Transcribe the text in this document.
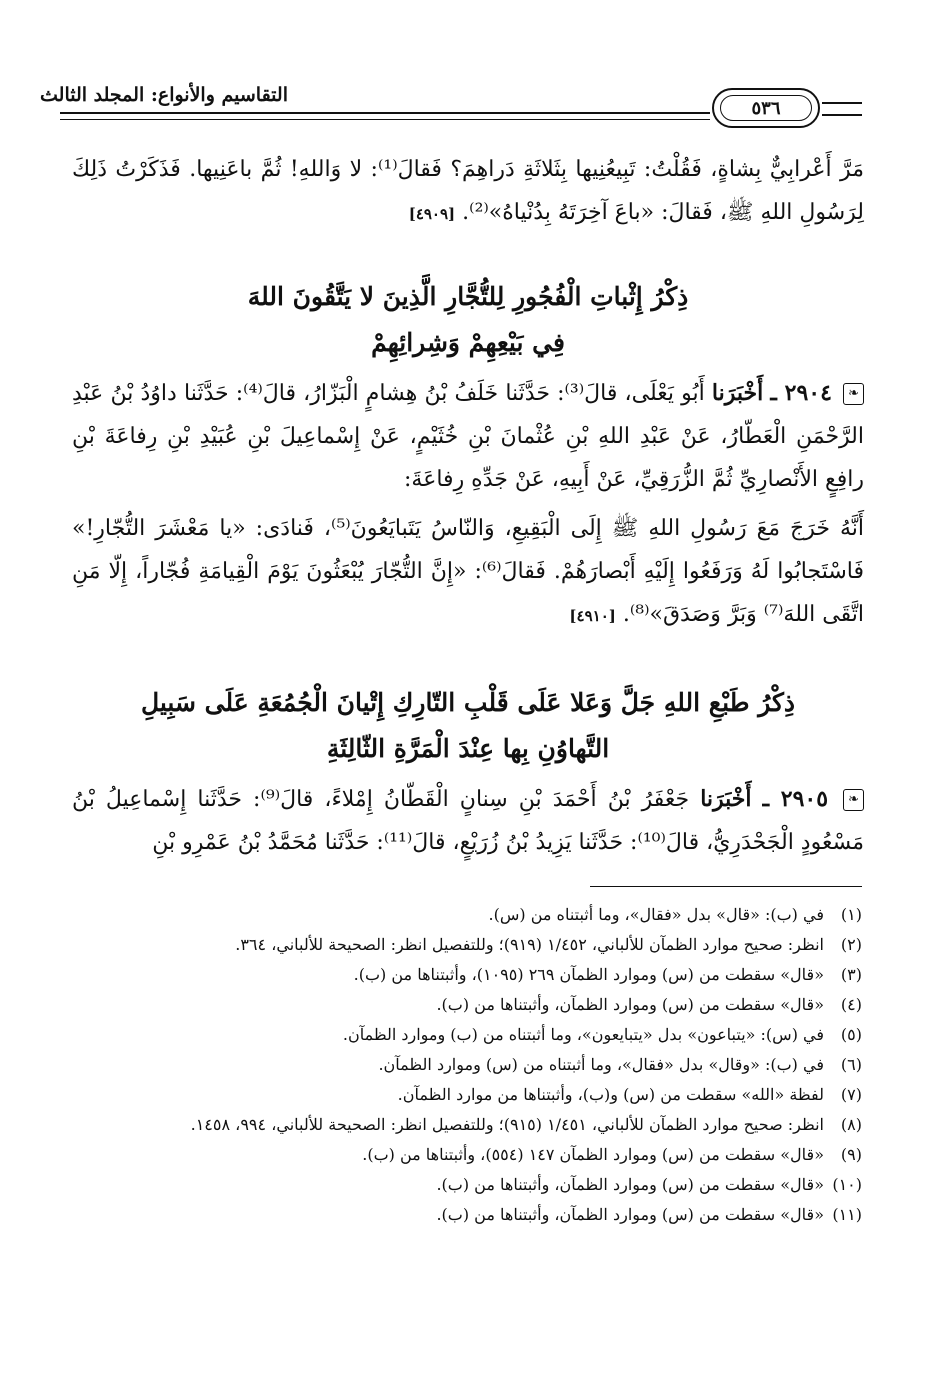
التقاسيم والأنواع: المجلد الثالث
٥٣٦

مَرَّ أَعْرابِيٌّ بِشاةٍ، فَقُلْتُ: تَبِيعُنِيها بِثَلاثَةِ دَراهِمَ؟ فَقالَ⁽¹⁾: لا وَاللهِ! ثُمَّ باعَنِيها. فَذَكَرْتُ ذَلِكَ لِرَسُولِ اللهِ ﷺ، فَقالَ: «باعَ آخِرَتَهُ بِدُنْياهُ»⁽²⁾. [٤٩٠٩]

ذِكْرُ إِثْباتِ الْفُجُورِ لِلتُّجَّارِ الَّذِينَ لا يَتَّقُونَ اللهَ

فِي بَيْعِهِمْ وَشِرائِهِمْ

❧ ٢٩٠٤ ـ أَخْبَرَنا أَبُو يَعْلَى، قالَ⁽³⁾: حَدَّثَنا خَلَفُ بْنُ هِشامٍ الْبَزّارُ، قالَ⁽⁴⁾: حَدَّثَنا داوُدُ بْنُ عَبْدِ الرَّحْمَنِ الْعَطّارُ، عَنْ عَبْدِ اللهِ بْنِ عُثْمانَ بْنِ خُثَيْمٍ، عَنْ إِسْماعِيلَ بْنِ عُبَيْدِ بْنِ رِفاعَةَ بْنِ رافِعٍ الأَنْصارِيِّ ثُمَّ الزُّرَقِيِّ، عَنْ أَبِيهِ، عَنْ جَدِّهِ رِفاعَةَ:

أَنَّهُ خَرَجَ مَعَ رَسُولِ اللهِ ﷺ إِلَى الْبَقِيعِ، وَالنّاسُ يَتَبايَعُونَ⁽⁵⁾، فَنادَى: «يا مَعْشَرَ التُّجّارِ!» فَاسْتَجابُوا لَهُ وَرَفَعُوا إِلَيْهِ أَبْصارَهُمْ. فَقالَ⁽⁶⁾: «إِنَّ التُّجّارَ يُبْعَثُونَ يَوْمَ الْقِيامَةِ فُجّاراً، إِلّا مَنِ اتَّقَى اللهَ⁽⁷⁾ وَبَرَّ وَصَدَقَ»⁽⁸⁾. [٤٩١٠]

ذِكْرُ طَبْعِ اللهِ جَلَّ وَعَلا عَلَى قَلْبِ التّارِكِ إِتْيانَ الْجُمُعَةِ عَلَى سَبِيلِ

التَّهاوُنِ بِها عِنْدَ الْمَرَّةِ الثّالِثَةِ

❧ ٢٩٠٥ ـ أَخْبَرَنا جَعْفَرُ بْنُ أَحْمَدَ بْنِ سِنانٍ الْقَطّانُ إِمْلاءً، قالَ⁽⁹⁾: حَدَّثَنا إِسْماعِيلُ بْنُ مَسْعُودٍ الْجَحْدَرِيُّ، قالَ⁽¹⁰⁾: حَدَّثَنا يَزِيدُ بْنُ زُرَيْعٍ، قالَ⁽¹¹⁾: حَدَّثَنا مُحَمَّدُ بْنُ عَمْرِو بْنِ

(١)
في (ب): «قال» بدل «فقال»، وما أثبتناه من (س).
(٢)
انظر: صحيح موارد الظمآن للألباني، ١/٤٥٢ (٩١٩)؛ وللتفصيل انظر: الصحيحة للألباني، ٣٦٤.
(٣)
«قال» سقطت من (س) وموارد الظمآن ٢٦٩ (١٠٩٥)، وأثبتناها من (ب).
(٤)
«قال» سقطت من (س) وموارد الظمآن، وأثبتناها من (ب).
(٥)
في (س): «يتباعون» بدل «يتبايعون»، وما أثبتناه من (ب) وموارد الظمآن.
(٦)
في (ب): «وقال» بدل «فقال»، وما أثبتناه من (س) وموارد الظمآن.
(٧)
لفظة «الله» سقطت من (س) و(ب)، وأثبتناها من موارد الظمآن.
(٨)
انظر: صحيح موارد الظمآن للألباني، ١/٤٥١ (٩١٥)؛ وللتفصيل انظر: الصحيحة للألباني، ٩٩٤، ١٤٥٨.
(٩)
«قال» سقطت من (س) وموارد الظمآن ١٤٧ (٥٥٤)، وأثبتناها من (ب).
(١٠)
«قال» سقطت من (س) وموارد الظمآن، وأثبتناها من (ب).
(١١)
«قال» سقطت من (س) وموارد الظمآن، وأثبتناها من (ب).
